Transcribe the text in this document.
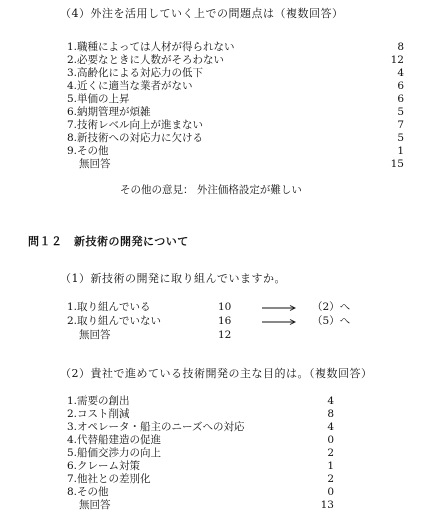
（4）外注を活用していく上での問題点は（複数回答）
1.職種によっては人材が得られない	8
2.必要なときに人数がそろわない	12
3.高齢化による対応力の低下	4
4.近くに適当な業者がない	6
5.単価の上昇	6
6.納期管理が煩雑	5
7.技術レベル向上が進まない	7
8.新技術への対応力に欠ける	5
9.その他	1
無回答	15
その他の意見： 外注価格設定が難しい
問１２　新技術の開発について
（1）新技術の開発に取り組んでいますか。
1.取り組んでいる	10	（2）へ
2.取り組んでいない	16	（5）へ
無回答	12
（2）貴社で進めている技術開発の主な目的は。（複数回答）
1.需要の創出	4
2.コスト削減	8
3.オペレータ・船主のニーズへの対応	4
4.代替船建造の促進	0
5.船価交渉力の向上	2
6.クレーム対策	1
7.他社との差別化	2
8.その他	0
無回答	13
